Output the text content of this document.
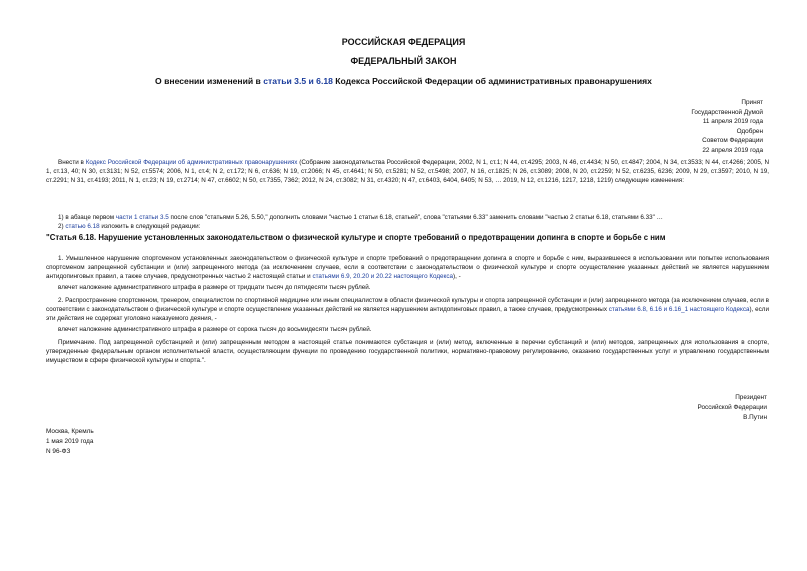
РОССИЙСКАЯ ФЕДЕРАЦИЯ
ФЕДЕРАЛЬНЫЙ ЗАКОН
О внесении изменений в статьи 3.5 и 6.18 Кодекса Российской Федерации об административных правонарушениях
Принят
Государственной Думой
11 апреля 2019 года
Одобрен
Советом Федерации
22 апреля 2019 года
Внести в Кодекс Российской Федерации об административных правонарушениях (Собрание законодательства Российской Федерации, 2002, N 1, ст.1; N 44, ст.4295; 2003, N 46, ст.4434; N 50, ст.4847; 2004, N 34, ст.3533; N 44, ст.4266; 2005, N 1, ст.13, 40; N 30, ст.3131; N 52, ст.5574; 2006, N 1, ст.4; N 2, ст.172; N 6, ст.636; N 19, ст.2066; N 45, ст.4641; N 50, ст.5281; N 52, ст.5498; 2007, N 16, ст.1825; N 26, ст.3089; 2008, N 20, ст.2259; N 52, ст.6235, 6236; 2009, N 29, ст.3597; 2010, N 19, ст.2291; N 31, ст.4193; 2011, N 1, ст.23; N 19, ст.2714; N 47, ст.6602; N 50, ст.7355, 7362; 2012, N 24, ст.3082; N 31, ст.4320; N 47, ст.6403, 6404, 6405; N 53, … 2019, N 12, ст.1216, 1217, 1218, 1219) следующие изменения:
1) в абзаце первом части 1 статьи 3.5 после слов "статьями 5.26, 5.50," дополнить словами "частью 1 статьи 6.18, статьей", слова "статьями 6.33" заменить словами "частью 2 статьи 6.18, статьями 6.33" …
2) статью 6.18 изложить в следующей редакции:
"Статья 6.18. Нарушение установленных законодательством о физической культуре и спорте требований о предотвращении допинга в спорте и борьбе с ним
1. Умышленное нарушение спортсменом установленных законодательством о физической культуре и спорте требований о предотвращении допинга в спорте и борьбе с ним, выразившееся в использовании или попытке использования спортсменом запрещенной субстанции и (или) запрещенного метода (за исключением случаев, если в соответствии с законодательством о физической культуре и спорте осуществление указанных действий не является нарушением антидопинговых правил, а также случаев, предусмотренных частью 2 настоящей статьи и статьями 6.9, 20.20 и 20.22 настоящего Кодекса), -
влечет наложение административного штрафа в размере от тридцати тысяч до пятидесяти тысяч рублей.
2. Распространение спортсменом, тренером, специалистом по спортивной медицине или иным специалистом в области физической культуры и спорта запрещенной субстанции и (или) запрещенного метода (за исключением случаев, если в соответствии с законодательством о физической культуре и спорте осуществление указанных действий не является нарушением антидопинговых правил, а также случаев, предусмотренных статьями 6.8, 6.16 и 6.16_1 настоящего Кодекса), если эти действия не содержат уголовно наказуемого деяния, -
влечет наложение административного штрафа в размере от сорока тысяч до восьмидесяти тысяч рублей.
Примечание. Под запрещенной субстанцией и (или) запрещенным методом в настоящей статье понимаются субстанция и (или) метод, включенные в перечни субстанций и (или) методов, запрещенных для использования в спорте, утвержденные федеральным органом исполнительной власти, осуществляющим функции по проведению государственной политики, нормативно-правовому регулированию, оказанию государственных услуг и управлению государственным имуществом в сфере физической культуры и спорта.".
Президент
Российской Федерации
В.Путин
Москва, Кремль
1 мая 2019 года
N 96-ФЗ
